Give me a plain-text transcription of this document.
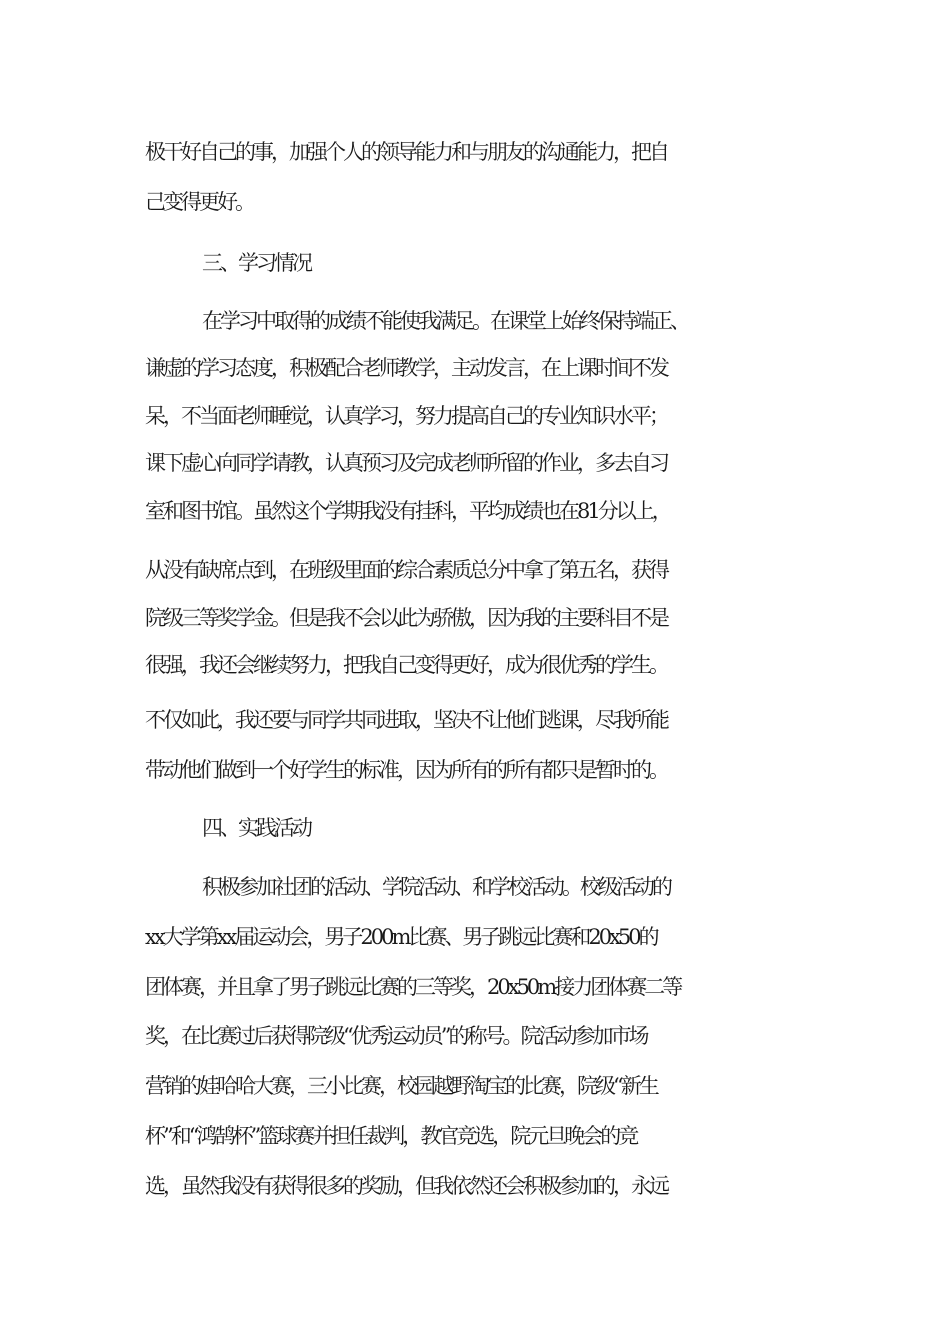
极干好自己的事，加强个人的领导能力和与朋友的沟通能力，把自
己变得更好。
三、学习情况
在学习中取得的成绩不能使我满足。在课堂上始终保持端正、
谦虚的学习态度，积极配合老师教学，主动发言，在上课时间不发
呆，不当面老师睡觉，认真学习，努力提高自己的专业知识水平；
课下虚心向同学请教，认真预习及完成老师所留的作业，多去自习
室和图书馆。虽然这个学期我没有挂科，平均成绩也在81分以上，
从没有缺席点到，在班级里面的综合素质总分中拿了第五名，获得
院级三等奖学金。但是我不会以此为骄傲，因为我的主要科目不是
很强，我还会继续努力，把我自己变得更好，成为很优秀的学生。
不仅如此，我还要与同学共同进取，坚决不让他们逃课，尽我所能
带动他们做到一个好学生的标准，因为所有的所有都只是暂时的。
四、实践活动
积极参加社团的活动、学院活动、和学校活动。校级活动的
xx大学第xx届运动会，男子200m比赛、男子跳远比赛和20x50的
团体赛，并且拿了男子跳远比赛的三等奖，20x50m接力团体赛二等
奖，在比赛过后获得院级“优秀运动员”的称号。院活动参加市场
营销的娃哈哈大赛，三小比赛，校园越野淘宝的比赛，院级“新生
杯”和“鸿鹄杯”篮球赛并担任裁判，教官竞选，院元旦晚会的竞
选，虽然我没有获得很多的奖励，但我依然还会积极参加的，永远
